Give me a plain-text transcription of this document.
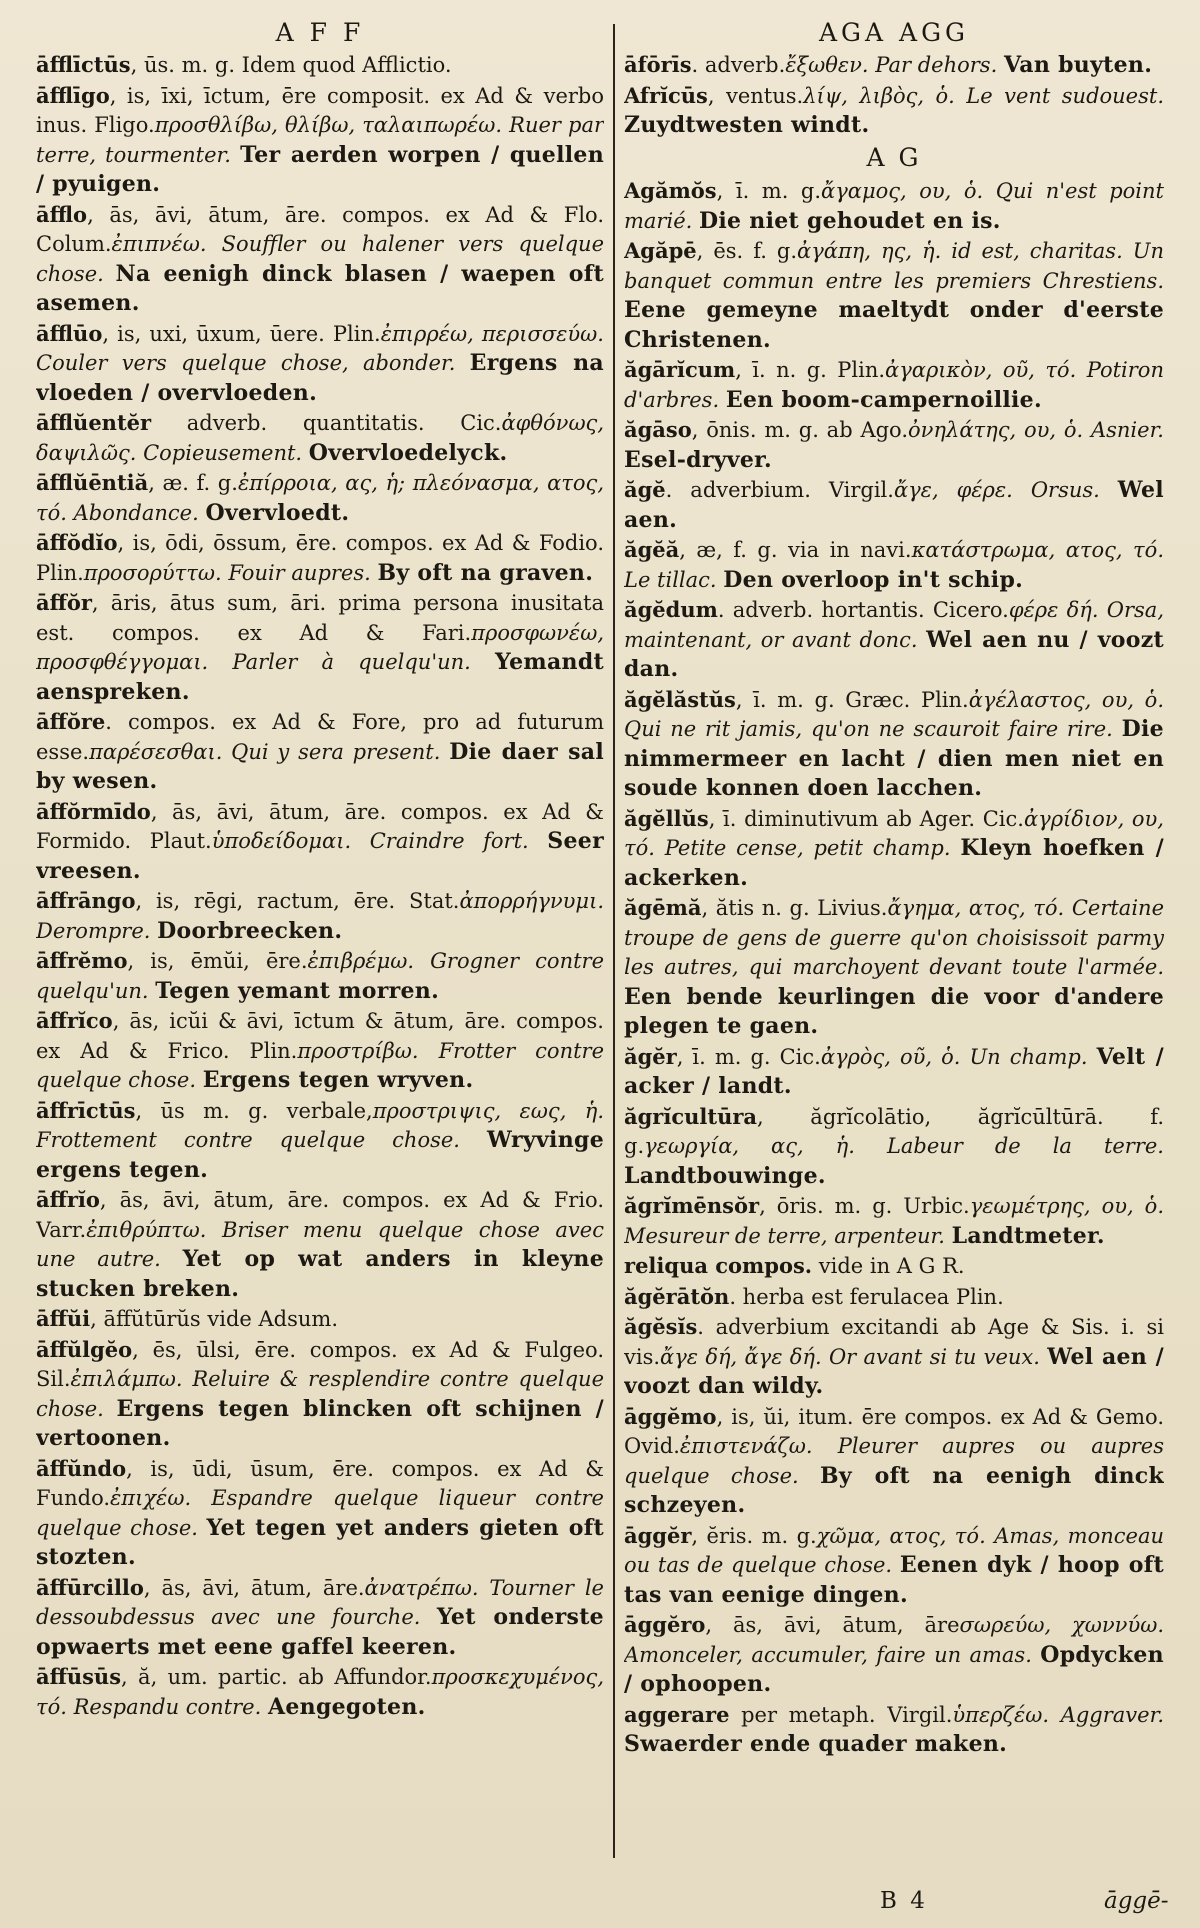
A F F

āfflīctūs, ūs. m. g. Idem quod Afflictio.

āfflīgo, is, īxi, īctum, ēre composit. ex Ad & verbo inus. Fligo.προσθλίβω, θλίβω, ταλαιπωρέω. Ruer par terre, tourmenter. Ter aerden worpen / quellen / pyuigen.

āfflo, ās, āvi, ātum, āre. compos. ex Ad & Flo. Colum.ἐπιπνέω. Souffler ou halener vers quelque chose. Na eenigh dinck blasen / waepen oft asemen.

āfflūo, is, uxi, ūxum, ūere. Plin.ἐπιρρέω, περισσεύω. Couler vers quelque chose, abonder. Ergens na vloeden / overvloeden.

āfflŭentĕr adverb. quantitatis. Cic.ἀφθόνως, δαψιλῶς. Copieusement. Overvloedelyck.

āfflŭēntiă, æ. f. g.ἐπίρροια, ας, ἡ; πλεόνασμα, ατος, τό. Abondance. Overvloedt.

āffŏdĭo, is, ōdi, ōssum, ēre. compos. ex Ad & Fodio. Plin.προσορύττω. Fouir aupres. By oft na graven.

āffŏr, āris, ātus sum, āri. prima persona inusitata est. compos. ex Ad & Fari.προσφωνέω, προσφθέγγομαι. Parler à quelqu'un. Yemandt aenspreken.

āffŏre. compos. ex Ad & Fore, pro ad futurum esse.παρέσεσθαι. Qui y sera present. Die daer sal by wesen.

āffŏrmīdo, ās, āvi, ātum, āre. compos. ex Ad & Formido. Plaut.ὑποδείδομαι. Craindre fort. Seer vreesen.

āffrāngo, is, rēgi, ractum, ēre. Stat.ἀπορρήγνυμι. Derompre. Doorbreecken.

āffrĕmo, is, ēmŭi, ēre.ἐπιβρέμω. Grogner contre quelqu'un. Tegen yemant morren.

āffrĭco, ās, icŭi & āvi, īctum & ātum, āre. compos. ex Ad & Frico. Plin.προστρίβω. Frotter contre quelque chose. Ergens tegen wryven.

āffrīctūs, ūs m. g. verbale,προστριψις, εως, ἡ. Frottement contre quelque chose. Wryvinge ergens tegen.

āffrĭo, ās, āvi, ātum, āre. compos. ex Ad & Frio. Varr.ἐπιθρύπτω. Briser menu quelque chose avec une autre. Yet op wat anders in kleyne stucken breken.

āffŭi, āffŭtūrŭs vide Adsum.

āffŭlgĕo, ēs, ūlsi, ēre. compos. ex Ad & Fulgeo. Sil.ἐπιλάμπω. Reluire & resplendire contre quelque chose. Ergens tegen blincken oft schijnen / vertoonen.

āffŭndo, is, ūdi, ūsum, ēre. compos. ex Ad & Fundo.ἐπιχέω. Espandre quelque liqueur contre quelque chose. Yet tegen yet anders gieten oft stozten.

āffūrcillo, ās, āvi, ātum, āre.ἀνατρέπω. Tourner le dessoubdessus avec une fourche. Yet onderste opwaerts met eene gaffel keeren.

āffūsūs, ă, um. partic. ab Affundor.προσκεχυμένος, τό. Respandu contre. Aengegoten.

AGA AGG

āfōrīs. adverb.ἔξωθεν. Par dehors. Van buyten.

Afrĭcūs, ventus.λίψ, λιβὸς, ὁ. Le vent sudouest. Zuydtwesten windt.

A G

Agămŏs, ī. m. g.ἄγαμος, ου, ὁ. Qui n'est point marié. Die niet gehoudet en is.

Agăpē, ēs. f. g.ἀγάπη, ης, ἡ. id est, charitas. Un banquet commun entre les premiers Chrestiens. Eene gemeyne maeltydt onder d'eerste Christenen.

ăgārĭcum, ī. n. g. Plin.ἀγαρικὸν, οῦ, τό. Potiron d'arbres. Een boom-campernoillie.

ăgāso, ōnis. m. g. ab Ago.ὀνηλάτης, ου, ὁ. Asnier. Esel-dryver.

ăgĕ. adverbium. Virgil.ἄγε, φέρε. Orsus. Wel aen.

ăgĕă, æ, f. g. via in navi.κατάστρωμα, ατος, τό. Le tillac. Den overloop in't schip.

ăgĕdum. adverb. hortantis. Cicero.φέρε δή. Orsa, maintenant, or avant donc. Wel aen nu / voozt dan.

ăgĕlăstŭs, ī. m. g. Græc. Plin.ἀγέλαστος, ου, ὁ. Qui ne rit jamis, qu'on ne scauroit faire rire. Die nimmermeer en lacht / dien men niet en soude konnen doen lacchen.

ăgĕllŭs, ī. diminutivum ab Ager. Cic.ἀγρίδιον, ου, τό. Petite cense, petit champ. Kleyn hoefken / ackerken.

ăgēmă, ătis n. g. Livius.ἄγημα, ατος, τό. Certaine troupe de gens de guerre qu'on choisissoit parmy les autres, qui marchoyent devant toute l'armée. Een bende keurlingen die voor d'andere plegen te gaen.

ăgĕr, ī. m. g. Cic.ἀγρὸς, οῦ, ὁ. Un champ. Velt / acker / landt.

ăgrĭcultūra, ăgrĭcolātio, ăgrĭcūltūrā. f. g.γεωργία, ας, ἡ. Labeur de la terre. Landtbouwinge.

ăgrĭmēnsŏr, ōris. m. g. Urbic.γεωμέτρης, ου, ὁ. Mesureur de terre, arpenteur. Landtmeter.

reliqua compos. vide in A G R.

ăgĕrātŏn. herba est ferulacea Plin.

ăgĕsĭs. adverbium excitandi ab Age & Sis. i. si vis.ἄγε δή, ἄγε δή. Or avant si tu veux. Wel aen / voozt dan wildy.

āggĕmo, is, ŭi, itum. ēre compos. ex Ad & Gemo. Ovid.ἐπιστενάζω. Pleurer aupres ou aupres quelque chose. By oft na eenigh dinck schzeyen.

āggĕr, ĕris. m. g.χῶμα, ατος, τό. Amas, monceau ou tas de quelque chose. Eenen dyk / hoop oft tas van eenige dingen.

āggĕro, ās, āvi, ātum, āreσωρεύω, χωννύω. Amonceler, accumuler, faire un amas. Opdycken / ophoopen.

aggerare per metaph. Virgil.ὑπερζέω. Aggraver. Swaerder ende quader maken.

B 4	āggē-
